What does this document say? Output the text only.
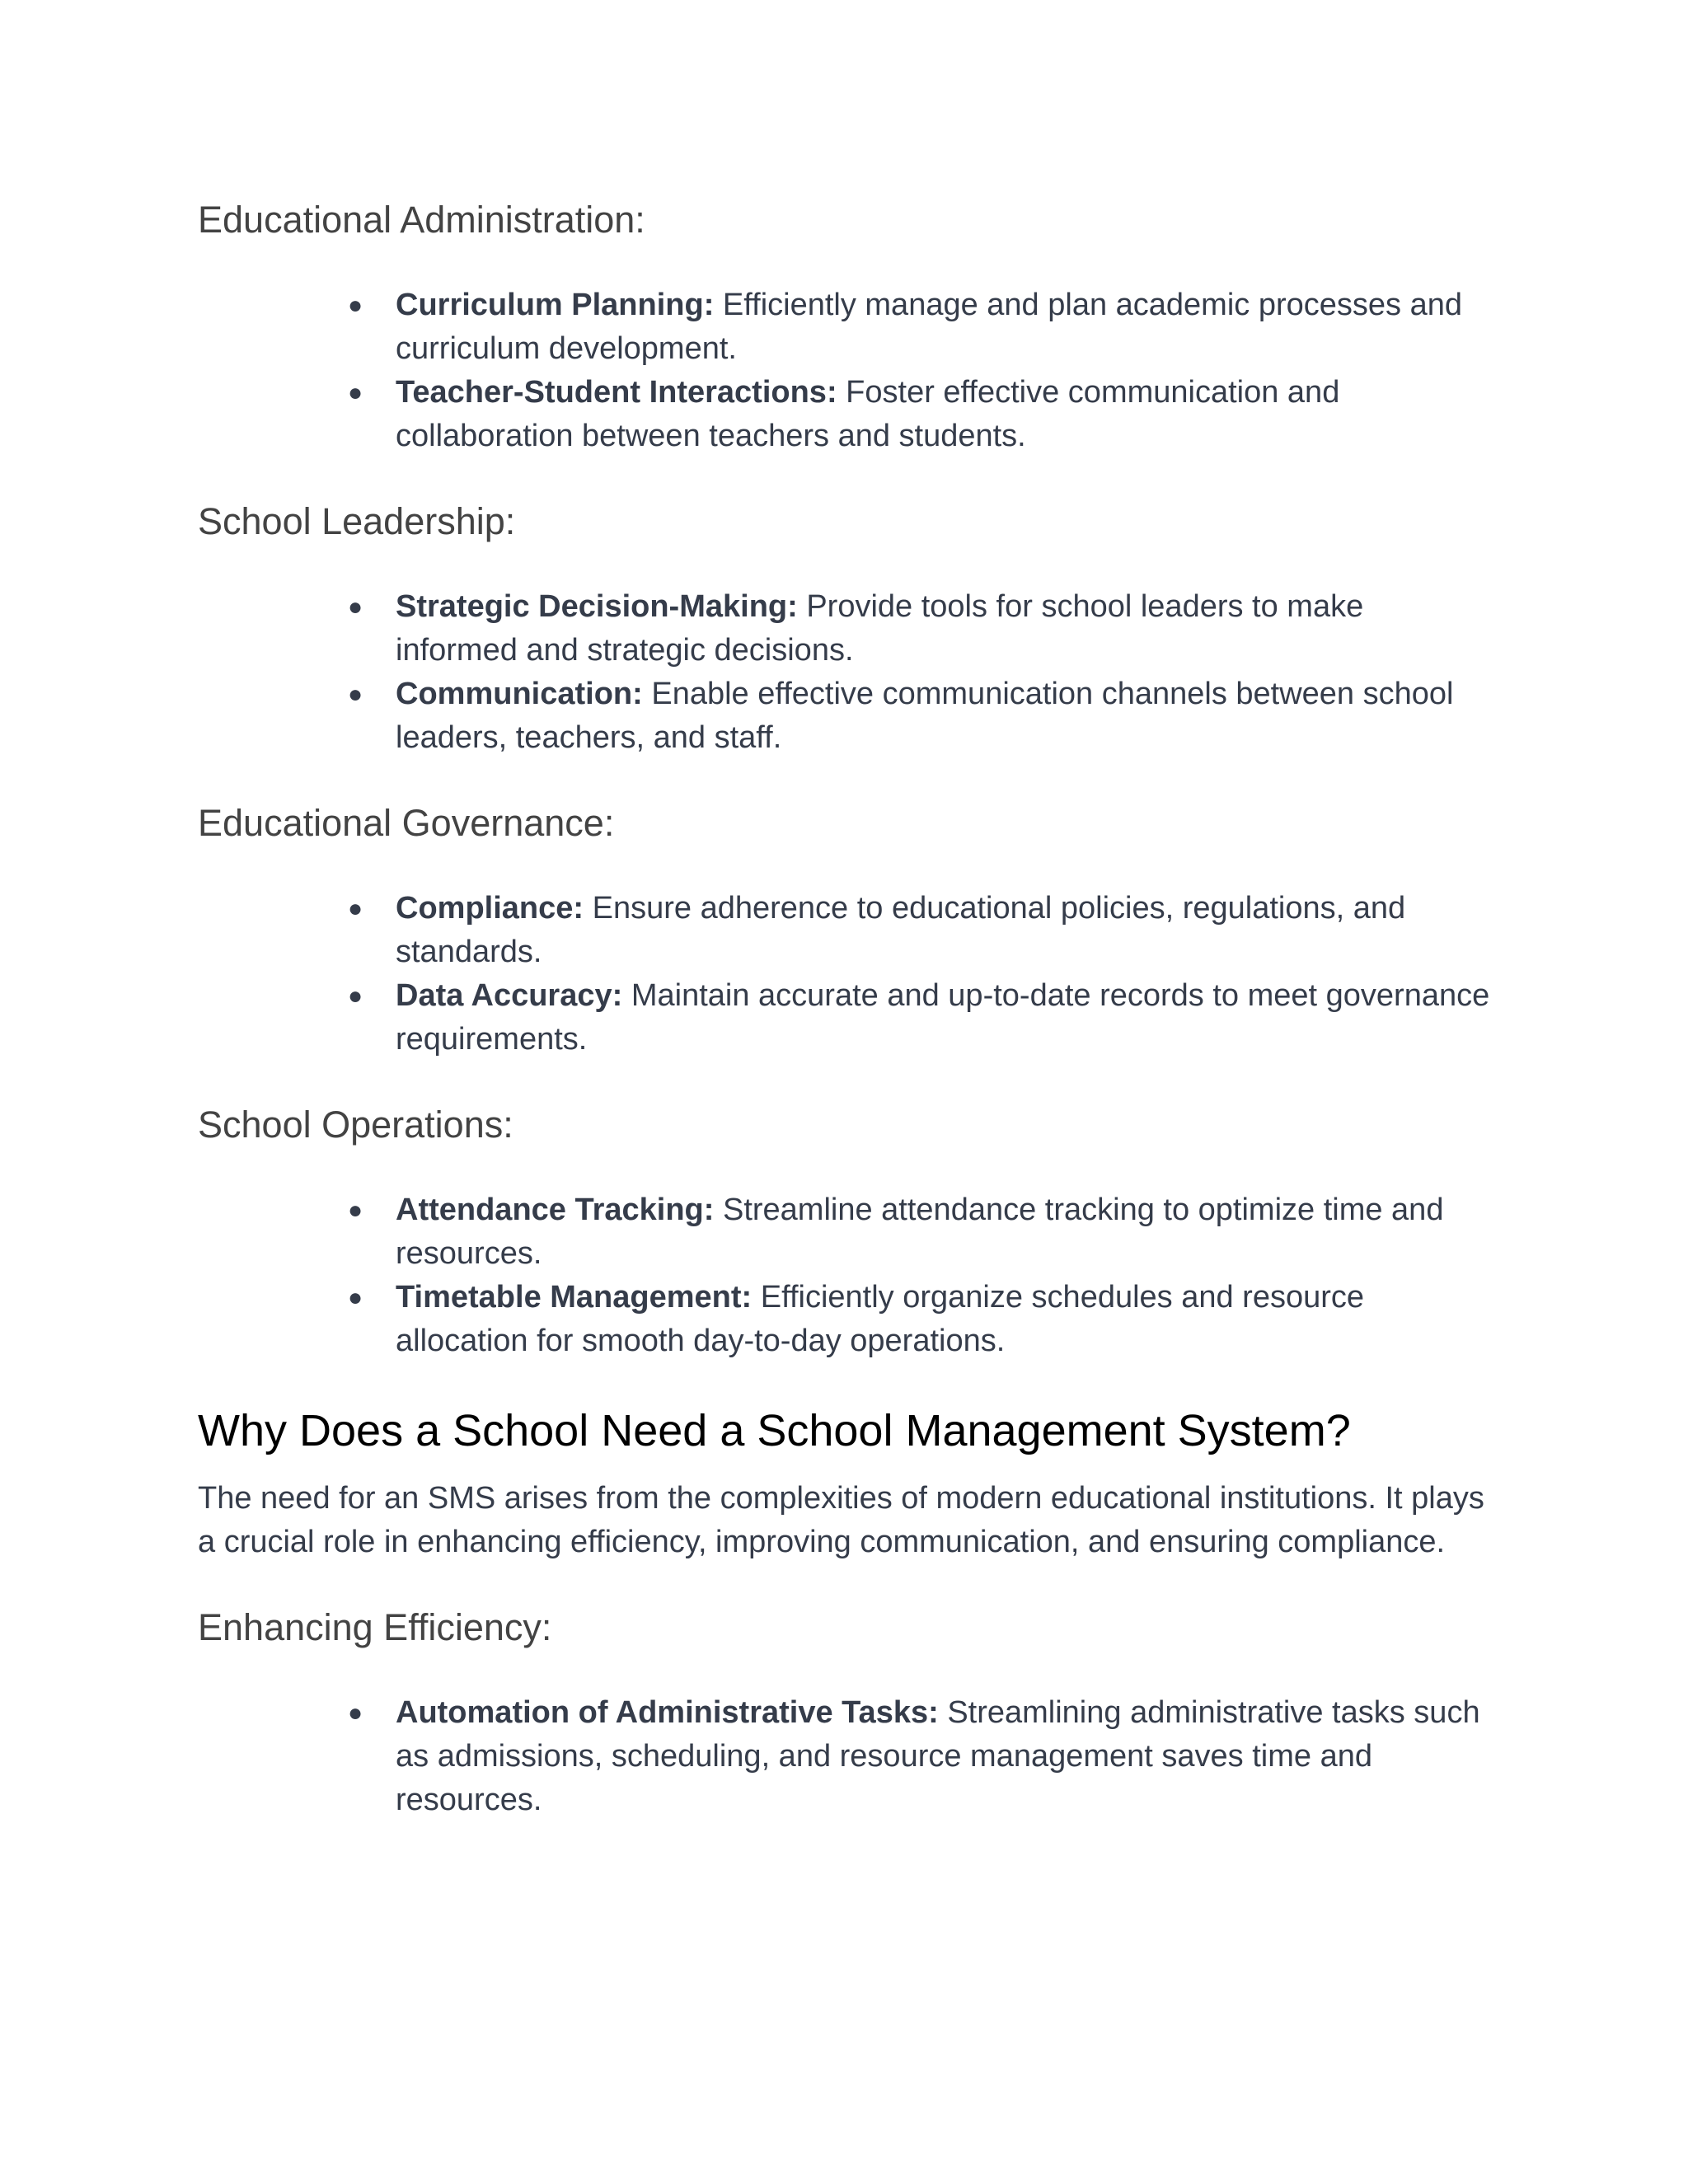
Educational Administration:
● Curriculum Planning: Efficiently manage and plan academic processes and curriculum development.
● Teacher-Student Interactions: Foster effective communication and collaboration between teachers and students.
School Leadership:
● Strategic Decision-Making: Provide tools for school leaders to make informed and strategic decisions.
● Communication: Enable effective communication channels between school leaders, teachers, and staff.
Educational Governance:
● Compliance: Ensure adherence to educational policies, regulations, and standards.
● Data Accuracy: Maintain accurate and up-to-date records to meet governance requirements.
School Operations:
● Attendance Tracking: Streamline attendance tracking to optimize time and resources.
● Timetable Management: Efficiently organize schedules and resource allocation for smooth day-to-day operations.
Why Does a School Need a School Management System?

The need for an SMS arises from the complexities of modern educational institutions. It plays a crucial role in enhancing efficiency, improving communication, and ensuring compliance.

Enhancing Efficiency:
● Automation of Administrative Tasks: Streamlining administrative tasks such as admissions, scheduling, and resource management saves time and resources.
